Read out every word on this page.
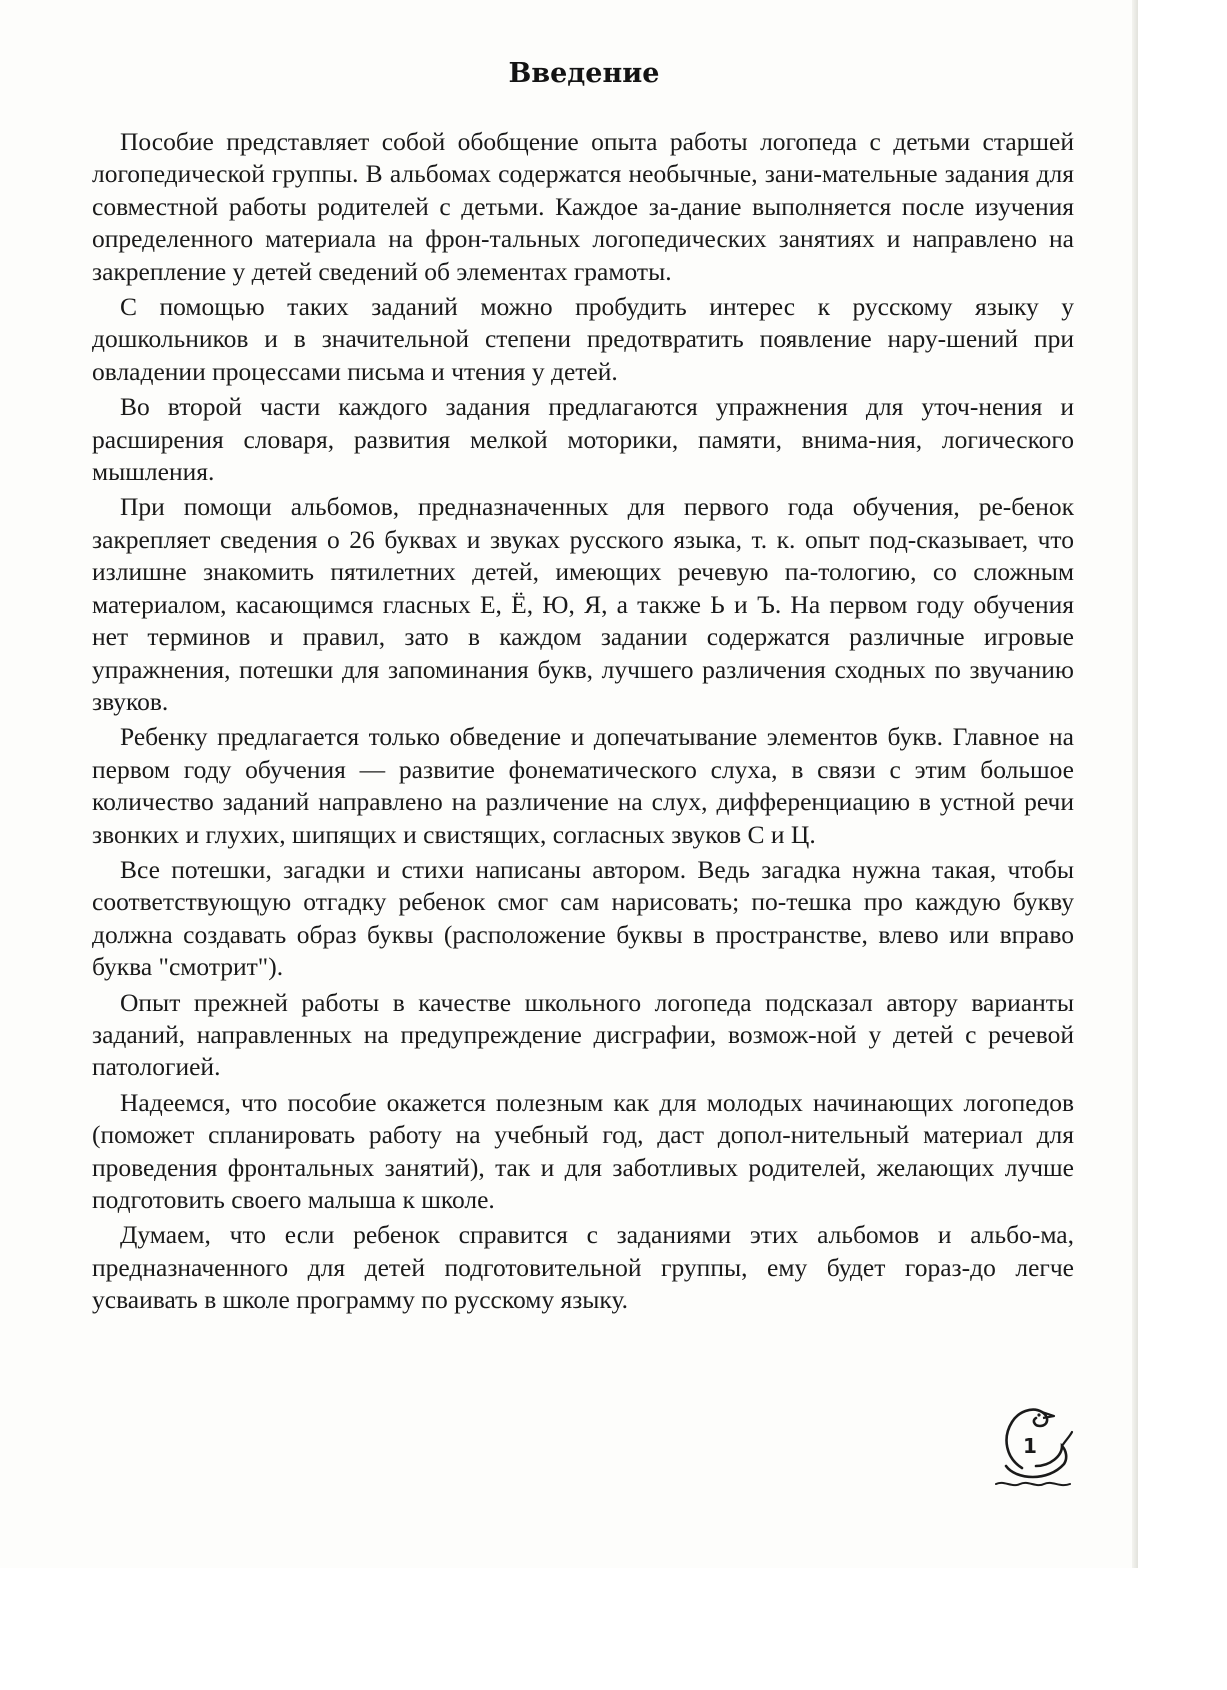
Введение

Пособие представляет собой обобщение опыта работы логопеда с детьми старшей логопедической группы. В альбомах содержатся необычные, зани-мательные задания для совместной работы родителей с детьми. Каждое за-дание выполняется после изучения определенного материала на фрон-тальных логопедических занятиях и направлено на закрепление у детей сведений об элементах грамоты.

С помощью таких заданий можно пробудить интерес к русскому языку у дошкольников и в значительной степени предотвратить появление нару-шений при овладении процессами письма и чтения у детей.

Во второй части каждого задания предлагаются упражнения для уточ-нения и расширения словаря, развития мелкой моторики, памяти, внима-ния, логического мышления.

При помощи альбомов, предназначенных для первого года обучения, ре-бенок закрепляет сведения о 26 буквах и звуках русского языка, т. к. опыт под-сказывает, что излишне знакомить пятилетних детей, имеющих речевую па-тологию, со сложным материалом, касающимся гласных Е, Ё, Ю, Я, а также Ь и Ъ. На первом году обучения нет терминов и правил, зато в каждом задании содержатся различные игровые упражнения, потешки для запоминания букв, лучшего различения сходных по звучанию звуков.

Ребенку предлагается только обведение и допечатывание элементов букв. Главное на первом году обучения — развитие фонематического слуха, в связи с этим большое количество заданий направлено на различение на слух, дифференциацию в устной речи звонких и глухих, шипящих и свистящих, согласных звуков С и Ц.

Все потешки, загадки и стихи написаны автором. Ведь загадка нужна такая, чтобы соответствующую отгадку ребенок смог сам нарисовать; по-тешка про каждую букву должна создавать образ буквы (расположение буквы в пространстве, влево или вправо буква "смотрит").

Опыт прежней работы в качестве школьного логопеда подсказал автору варианты заданий, направленных на предупреждение дисграфии, возмож-ной у детей с речевой патологией.

Надеемся, что пособие окажется полезным как для молодых начинающих логопедов (поможет спланировать работу на учебный год, даст допол-нительный материал для проведения фронтальных занятий), так и для заботливых родителей, желающих лучше подготовить своего малыша к школе.

Думаем, что если ребенок справится с заданиями этих альбомов и альбо-ма, предназначенного для детей подготовительной группы, ему будет гораз-до легче усваивать в школе программу по русскому языку.

1
